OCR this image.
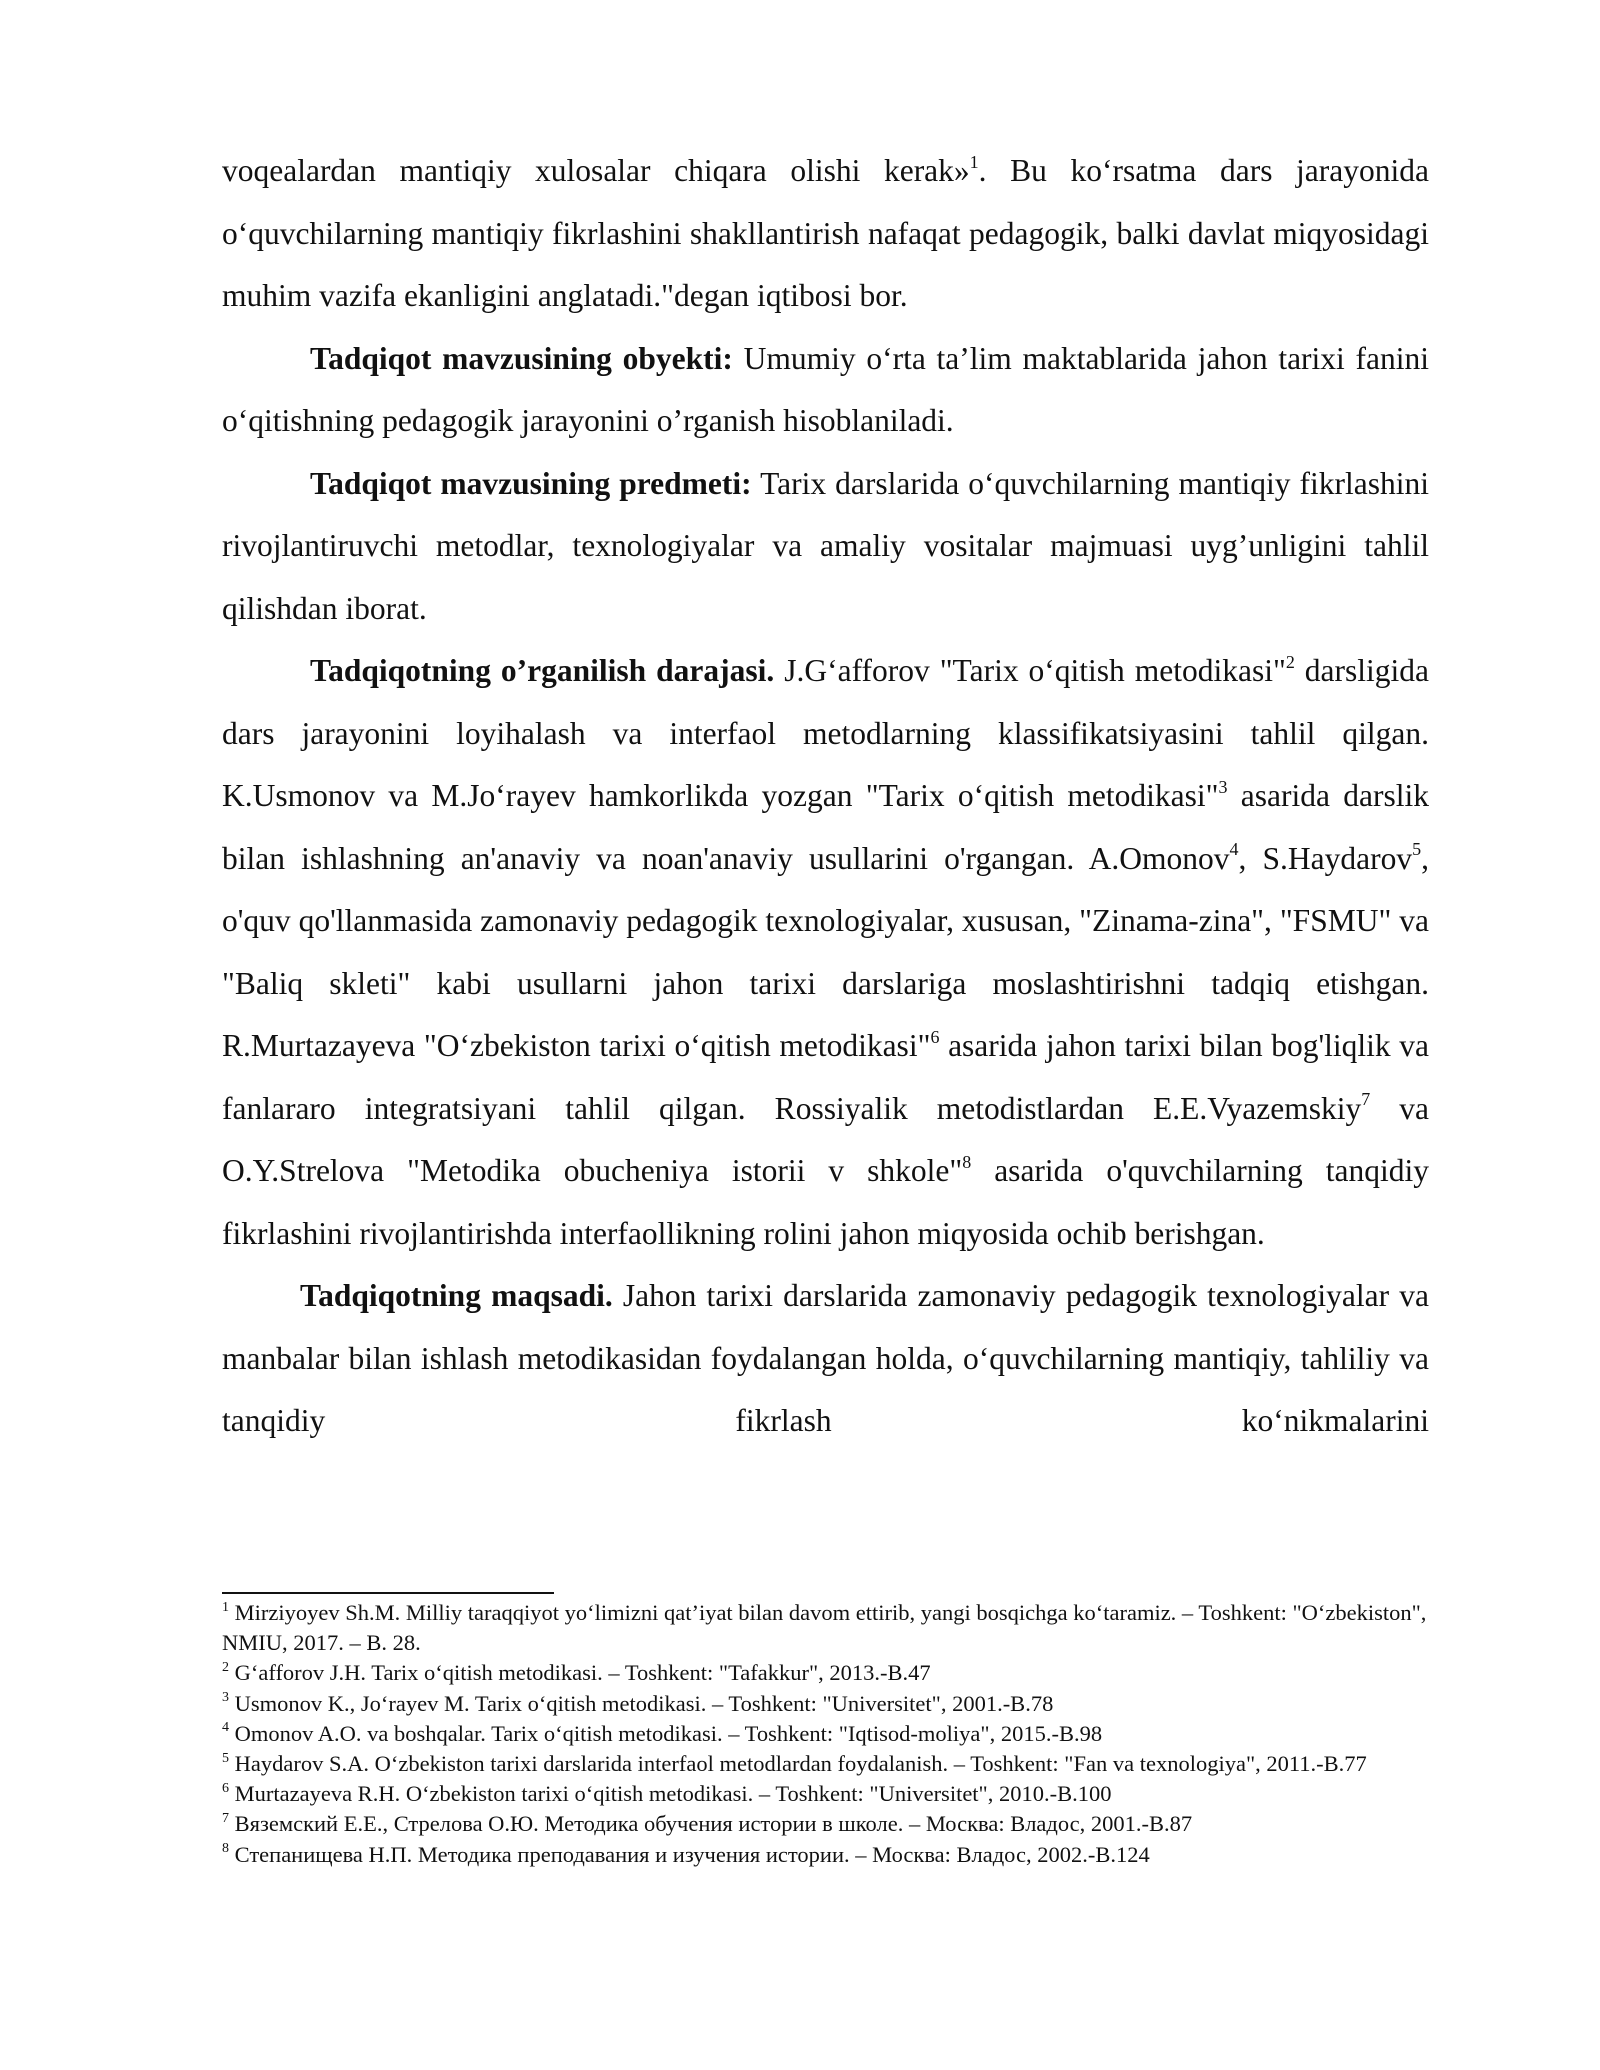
voqealardan mantiqiy xulosalar chiqara olishi kerak»$^1$. Bu ko‘rsatma dars jarayonida o‘quvchilarning mantiqiy fikrlashini shakllantirish nafaqat pedagogik, balki davlat miqyosidagi muhim vazifa ekanligini anglatadi."degan iqtibosi bor.

Tadqiqot mavzusining obyekti: Umumiy o‘rta ta’lim maktablarida jahon tarixi fanini o‘qitishning pedagogik jarayonini o’rganish hisoblaniladi.

Tadqiqot mavzusining predmeti: Tarix darslarida o‘quvchilarning mantiqiy fikrlashini rivojlantiruvchi metodlar, texnologiyalar va amaliy vositalar majmuasi uyg’unligini tahlil qilishdan iborat.

Tadqiqotning o’rganilish darajasi. J.G‘afforov "Tarix o‘qitish metodikasi"$^2$ darsligida dars jarayonini loyihalash va interfaol metodlarning klassifikatsiyasini tahlil qilgan. K.Usmonov va M.Jo‘rayev hamkorlikda yozgan "Tarix o‘qitish metodikasi"$^3$ asarida darslik bilan ishlashning an'anaviy va noan'anaviy usullarini o'rgangan. A.Omonov$^4$, S.Haydarov$^5$, o'quv qo'llanmasida zamonaviy pedagogik texnologiyalar, xususan, "Zinama-zina", "FSMU" va "Baliq skleti" kabi usullarni jahon tarixi darslariga moslashtirishni tadqiq etishgan. R.Murtazayeva "O‘zbekiston tarixi o‘qitish metodikasi"$^6$ asarida jahon tarixi bilan bog'liqlik va fanlararo integratsiyani tahlil qilgan. Rossiyalik metodistlardan E.E.Vyazemskiy$^7$ va O.Y.Strelova "Metodika obucheniya istorii v shkole"$^8$ asarida o'quvchilarning tanqidiy fikrlashini rivojlantirishda interfaollikning rolini jahon miqyosida ochib berishgan.

Tadqiqotning maqsadi. Jahon tarixi darslarida zamonaviy pedagogik texnologiyalar va manbalar bilan ishlash metodikasidan foydalangan holda, o‘quvchilarning mantiqiy, tahliliy va tanqidiy fikrlash ko‘nikmalarini

$^1$ Mirziyoyev Sh.M. Milliy taraqqiyot yo‘limizni qat’iyat bilan davom ettirib, yangi bosqichga ko‘taramiz. – Toshkent: "O‘zbekiston", NMIU, 2017. – B. 28.

$^2$ G‘afforov J.H. Tarix o‘qitish metodikasi. – Toshkent: "Tafakkur", 2013.-B.47

$^3$ Usmonov K., Jo‘rayev M. Tarix o‘qitish metodikasi. – Toshkent: "Universitet", 2001.-B.78

$^4$ Omonov A.O. va boshqalar. Tarix o‘qitish metodikasi. – Toshkent: "Iqtisod-moliya", 2015.-B.98

$^5$ Haydarov S.A. O‘zbekiston tarixi darslarida interfaol metodlardan foydalanish. – Toshkent: "Fan va texnologiya", 2011.-B.77

$^6$ Murtazayeva R.H. O‘zbekiston tarixi o‘qitish metodikasi. – Toshkent: "Universitet", 2010.-B.100

$^7$ Вяземский Е.Е., Стрелова О.Ю. Методика обучения истории в школе. – Москва: Владос, 2001.-B.87

$^8$ Степанищева Н.П. Методика преподавания и изучения истории. – Москва: Владос, 2002.-B.124
